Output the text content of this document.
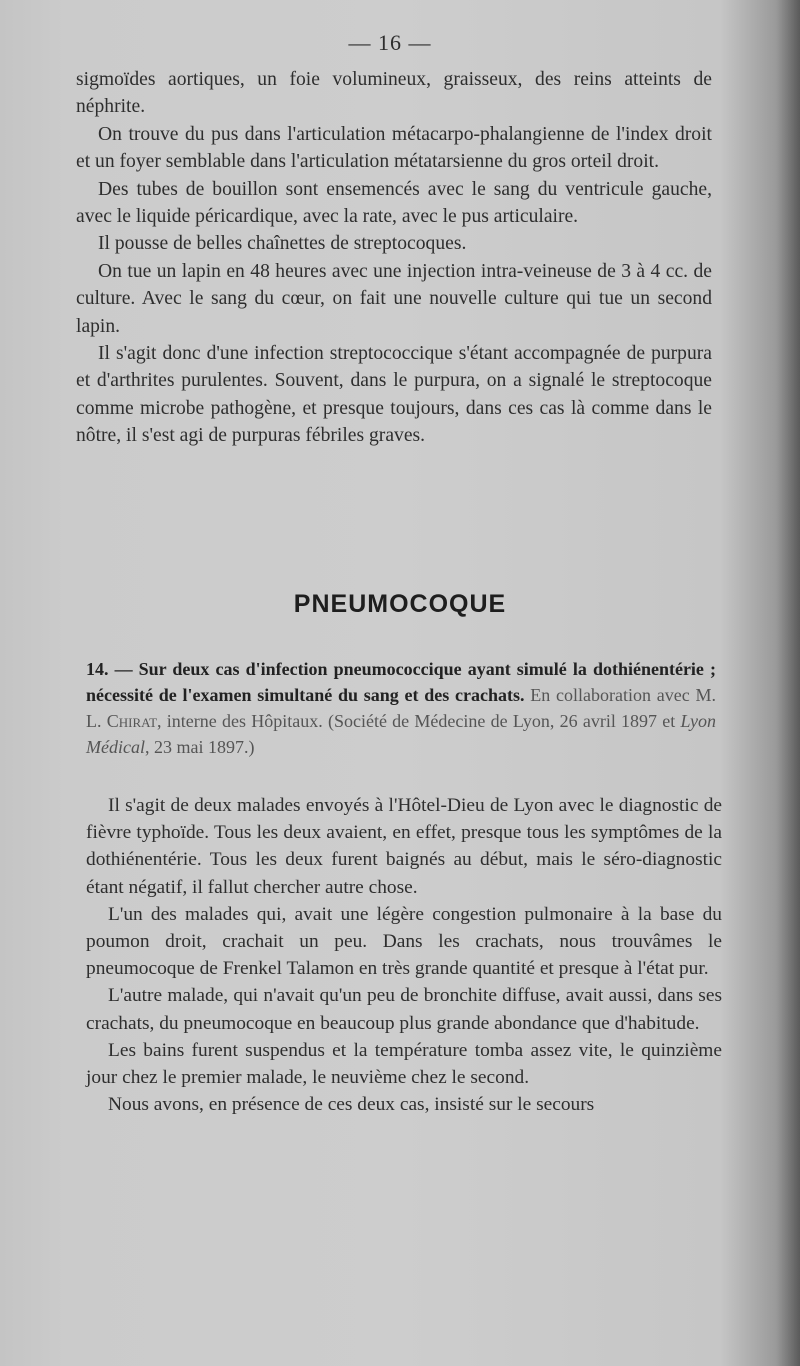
— 16 —

sigmoïdes aortiques, un foie volumineux, graisseux, des reins atteints de néphrite.

On trouve du pus dans l'articulation métacarpo-phalangienne de l'index droit et un foyer semblable dans l'articulation métatarsienne du gros orteil droit.

Des tubes de bouillon sont ensemencés avec le sang du ventricule gauche, avec le liquide péricardique, avec la rate, avec le pus articulaire.

Il pousse de belles chaînettes de streptocoques.

On tue un lapin en 48 heures avec une injection intra-veineuse de 3 à 4 cc. de culture. Avec le sang du cœur, on fait une nouvelle culture qui tue un second lapin.

Il s'agit donc d'une infection streptococcique s'étant accompagnée de purpura et d'arthrites purulentes. Souvent, dans le purpura, on a signalé le streptocoque comme microbe pathogène, et presque toujours, dans ces cas là comme dans le nôtre, il s'est agi de purpuras fébriles graves.

PNEUMOCOQUE
14. — Sur deux cas d'infection pneumococcique ayant simulé la dothiénentérie ; nécessité de l'examen simultané du sang et des crachats. En collaboration avec M. L. Chirat, interne des Hôpitaux. (Société de Médecine de Lyon, 26 avril 1897 et Lyon Médical, 23 mai 1897.)

Il s'agit de deux malades envoyés à l'Hôtel-Dieu de Lyon avec le diagnostic de fièvre typhoïde. Tous les deux avaient, en effet, presque tous les symptômes de la dothiénentérie. Tous les deux furent baignés au début, mais le séro-diagnostic étant négatif, il fallut chercher autre chose.

L'un des malades qui, avait une légère congestion pulmonaire à la base du poumon droit, crachait un peu. Dans les crachats, nous trouvâmes le pneumocoque de Frenkel Talamon en très grande quantité et presque à l'état pur.

L'autre malade, qui n'avait qu'un peu de bronchite diffuse, avait aussi, dans ses crachats, du pneumocoque en beaucoup plus grande abondance que d'habitude.

Les bains furent suspendus et la température tomba assez vite, le quinzième jour chez le premier malade, le neuvième chez le second.

Nous avons, en présence de ces deux cas, insisté sur le secours
